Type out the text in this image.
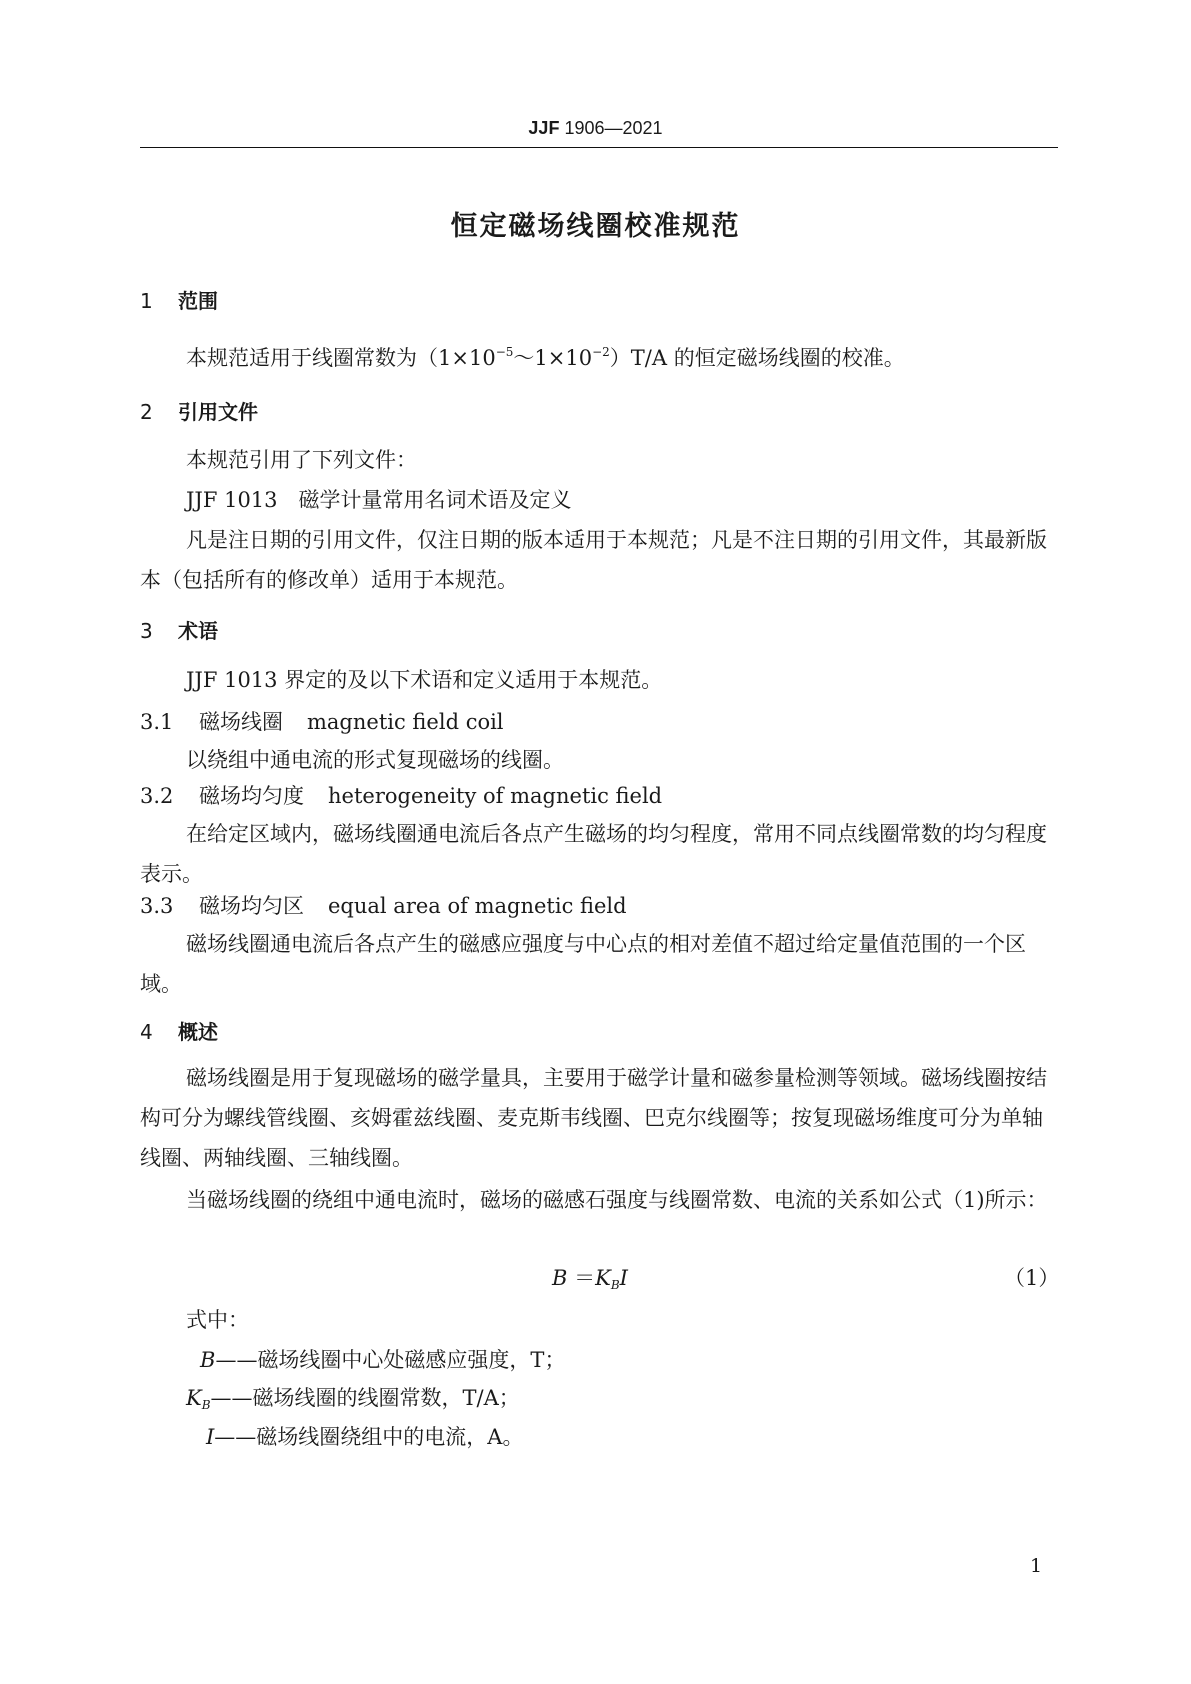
JJF 1906—2021
恒定磁场线圈校准规范
1 范围
本规范适用于线圈常数为$(1\times 10^{-5}\sim 1\times 10^{-2})T/A$ 的恒定磁场线圈的校准。
2 引用文件
本规范引用了下列文件：
JJF 1013　磁学计量常用名词术语及定义
凡是注日期的引用文件，仅注日期的版本适用于本规范；凡是不注日期的引用文件，其最新版本（包括所有的修改单）适用于本规范。
3 术语
JJF 1013 界定的及以下术语和定义适用于本规范。
3.1 磁场线圈 magnetic field coil
以绕组中通电流的形式复现磁场的线圈。
3.2 磁场均匀度 heterogeneity of magnetic field
在给定区域内，磁场线圈通电流后各点产生磁场的均匀程度，常用不同点线圈常数的均匀程度表示。
3.3 磁场均匀区 equal area of magnetic field
磁场线圈通电流后各点产生的磁感应强度与中心点的相对差值不超过给定量值范围的一个区域。
4 概述
磁场线圈是用于复现磁场的磁学量具，主要用于磁学计量和磁参量检测等领域。磁场线圈按结构可分为螺线管线圈、亥姆霍兹线圈、麦克斯韦线圈、巴克尔线圈等；按复现磁场维度可分为单轴线圈、两轴线圈、三轴线圈。
当磁场线圈的绕组中通电流时，磁场的磁感石强度与线圈常数、电流的关系如公式（1)所示：
$B =K_BI$	（1）
式中：
B——磁场线圈中心处磁感应强度，T；
$K_B——$磁场线圈的线圈常数，T/A；
I——磁场线圈绕组中的电流，A。
1
